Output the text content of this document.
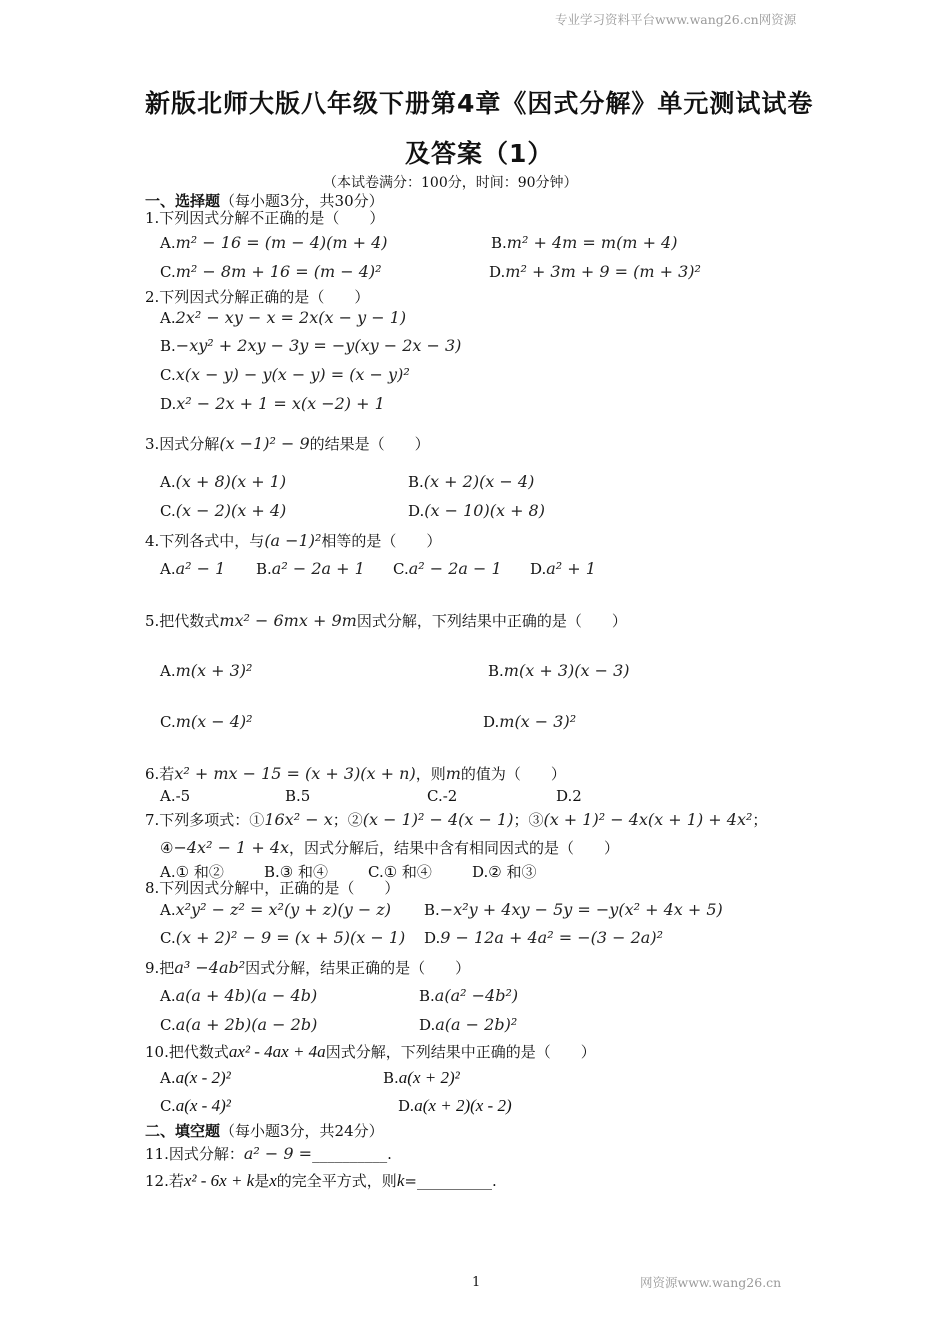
专业学习资料平台www.wang26.cn网资源
网资源www.wang26.cn
1
新版北师大版八年级下册第4章《因式分解》单元测试试卷
及答案（1）
（本试卷满分：100分，时间：90分钟）
一、选择题（每小题3分，共30分）
1.下列因式分解不正确的是（　　）
A.m² − 16 = (m − 4)(m + 4)	B.m² + 4m = m(m + 4)
C.m² − 8m + 16 = (m − 4)²	D.m² + 3m + 9 = (m + 3)²
2.下列因式分解正确的是（　　）
A.2x² − xy − x = 2x(x − y − 1)
B.−xy² + 2xy − 3y = −y(xy − 2x − 3)
C.x(x − y) − y(x − y) = (x − y)²
D.x² − 2x + 1 = x(x −2) + 1
3.因式分解(x −1)² − 9的结果是（　　）
A.(x + 8)(x + 1)	B.(x + 2)(x − 4)
C.(x − 2)(x + 4)	D.(x − 10)(x + 8)
4.下列各式中，与(a −1)²相等的是（　　）
A.a² − 1 B.a² − 2a + 1 C.a² − 2a − 1 D.a² + 1
5.把代数式mx² − 6mx + 9m因式分解，下列结果中正确的是（　　）
A.m(x + 3)²	B.m(x + 3)(x − 3)
C.m(x − 4)²	D.m(x − 3)²
6.若x² + mx − 15 = (x + 3)(x + n)，则m的值为（　　）
A.-5	B.5	C.-2	D.2
7.下列多项式：①16x² − x；②(x − 1)² − 4(x − 1)；③(x + 1)² − 4x(x + 1) + 4x²；
④−4x² − 1 + 4x，因式分解后，结果中含有相同因式的是（　　）
A.① 和②	B.③ 和④	C.① 和④	D.② 和③
8.下列因式分解中，正确的是（　　）
A.x²y² − z² = x²(y + z)(y − z) B.−x²y + 4xy − 5y = −y(x² + 4x + 5)
C.(x + 2)² − 9 = (x + 5)(x − 1) D.9 − 12a + 4a² = −(3 − 2a)²
9.把a³ −4ab²因式分解，结果正确的是（　　）
A.a(a + 4b)(a − 4b)	B.a(a² −4b²)
C.a(a + 2b)(a − 2b)	D.a(a − 2b)²
10.把代数式ax² - 4ax + 4a因式分解，下列结果中正确的是（　　）
A.a(x - 2)²	B.a(x + 2)²
C.a(x - 4)²	D.a(x + 2)(x - 2)
二、填空题（每小题3分，共24分）
11.因式分解：a² − 9 =__________.
12.若x² - 6x + k是x的完全平方式，则k=__________.
